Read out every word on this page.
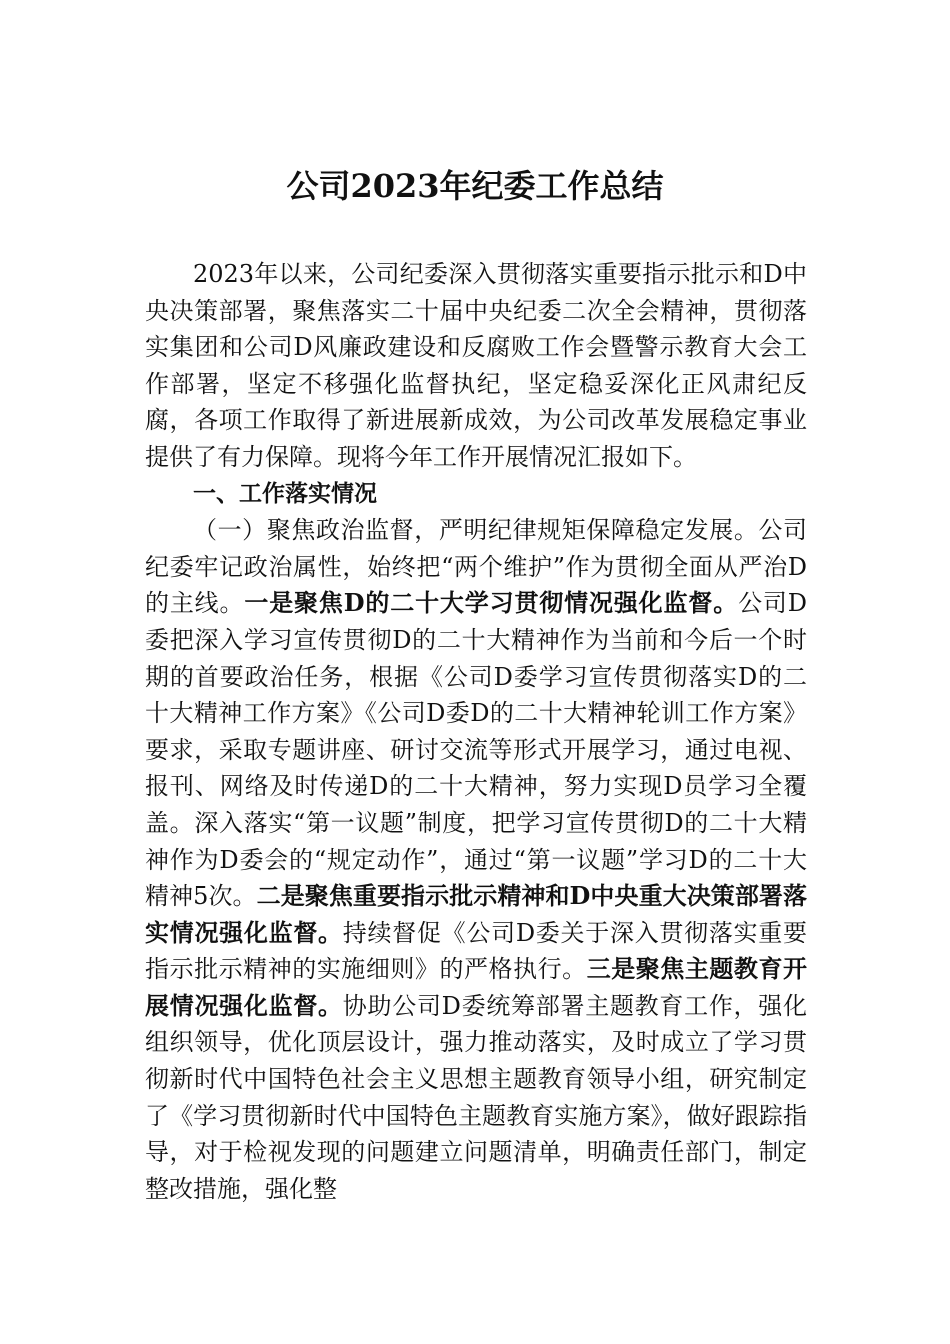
公司2023年纪委工作总结

2023年以来，公司纪委深入贯彻落实重要指示批示和D中央决策部署，聚焦落实二十届中央纪委二次全会精神，贯彻落实集团和公司D风廉政建设和反腐败工作会暨警示教育大会工作部署，坚定不移强化监督执纪，坚定稳妥深化正风肃纪反腐，各项工作取得了新进展新成效，为公司改革发展稳定事业提供了有力保障。现将今年工作开展情况汇报如下。

一、工作落实情况

（一）聚焦政治监督，严明纪律规矩保障稳定发展。公司纪委牢记政治属性，始终把“两个维护”作为贯彻全面从严治D的主线。一是聚焦D的二十大学习贯彻情况强化监督。公司D委把深入学习宣传贯彻D的二十大精神作为当前和今后一个时期的首要政治任务，根据《公司D委学习宣传贯彻落实D的二十大精神工作方案》《公司D委D的二十大精神轮训工作方案》要求，采取专题讲座、研讨交流等形式开展学习，通过电视、报刊、网络及时传递D的二十大精神，努力实现D员学习全覆盖。深入落实“第一议题”制度，把学习宣传贯彻D的二十大精神作为D委会的“规定动作”，通过“第一议题”学习D的二十大精神5次。二是聚焦重要指示批示精神和D中央重大决策部署落实情况强化监督。持续督促《公司D委关于深入贯彻落实重要指示批示精神的实施细则》的严格执行。三是聚焦主题教育开展情况强化监督。协助公司D委统筹部署主题教育工作，强化组织领导，优化顶层设计，强力推动落实，及时成立了学习贯彻新时代中国特色社会主义思想主题教育领导小组，研究制定了《学习贯彻新时代中国特色主题教育实施方案》，做好跟踪指导，对于检视发现的问题建立问题清单，明确责任部门，制定整改措施，强化整
